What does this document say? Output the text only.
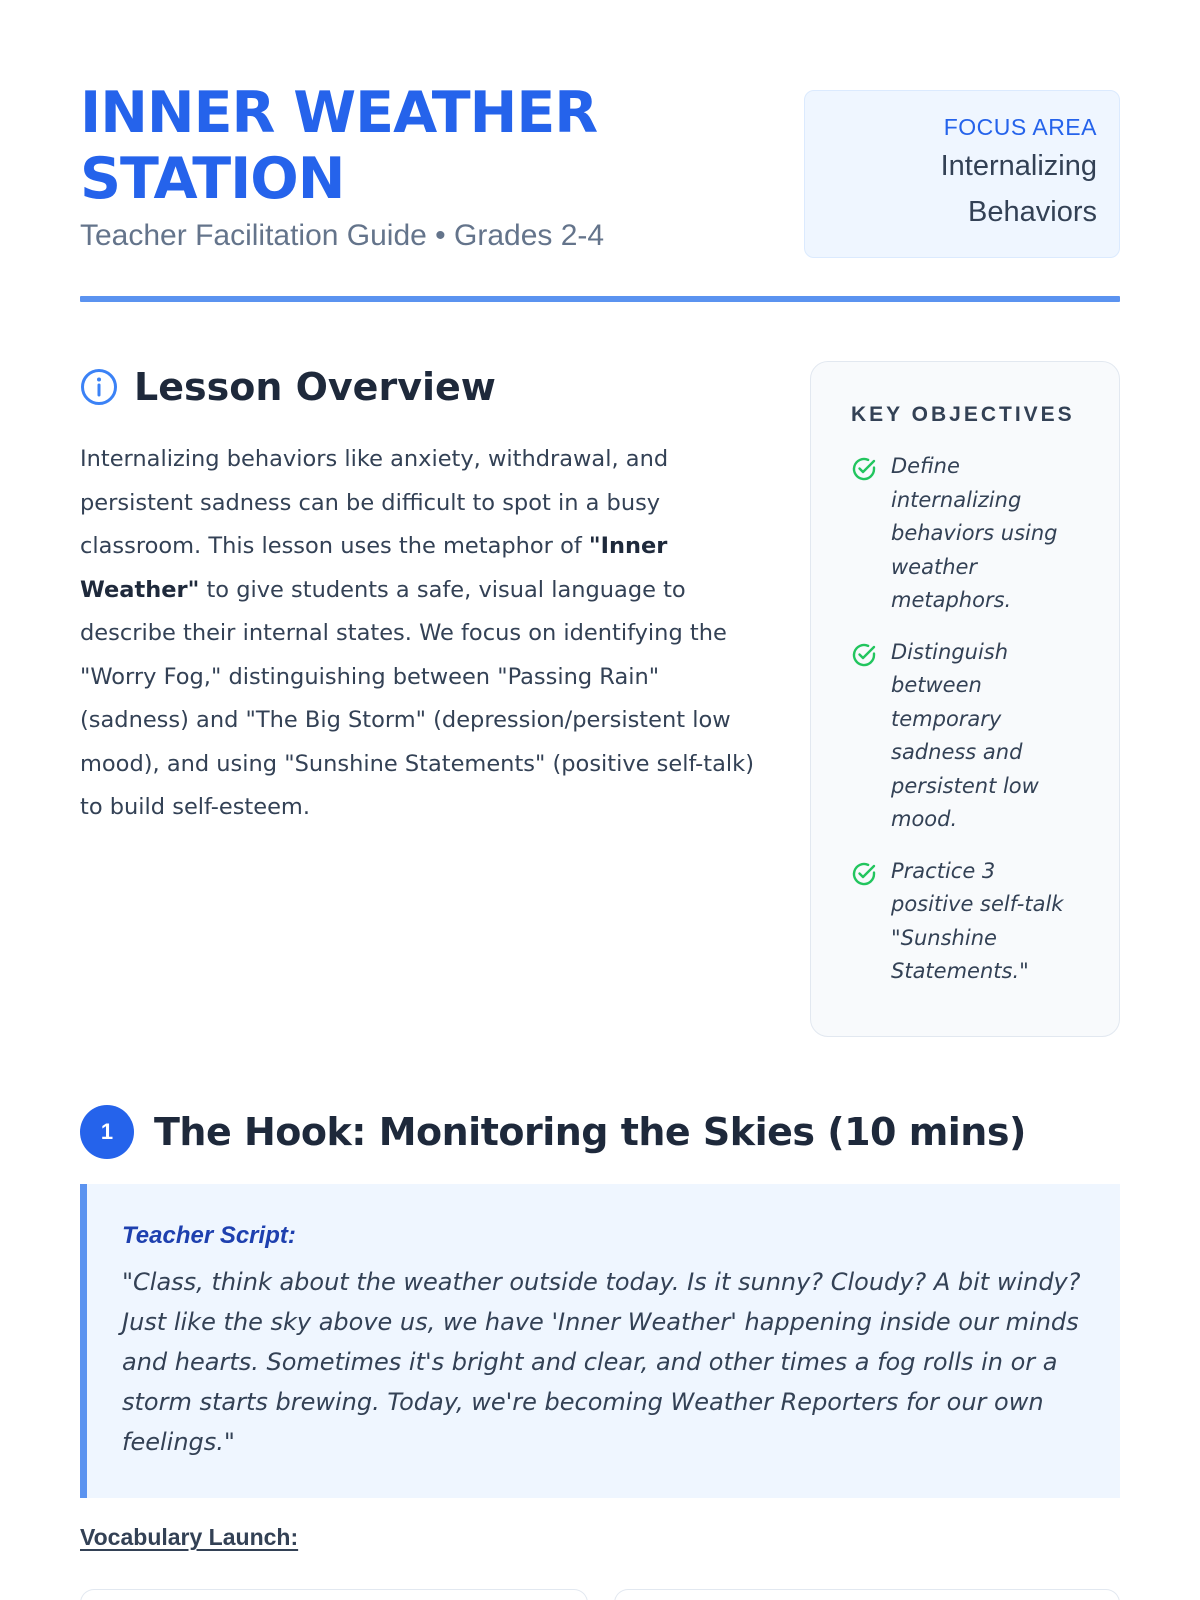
INNER WEATHER STATION
Teacher Facilitation Guide • Grades 2-4
FOCUS AREA
Internalizing
Behaviors
Lesson Overview

Internalizing behaviors like anxiety, withdrawal, and persistent sadness can be difficult to spot in a busy classroom. This lesson uses the metaphor of "Inner Weather" to give students a safe, visual language to describe their internal states. We focus on identifying the "Worry Fog," distinguishing between "Passing Rain" (sadness) and "The Big Storm" (depression/persistent low mood), and using "Sunshine Statements" (positive self-talk) to build self-esteem.

KEY OBJECTIVES
Define internalizing behaviors using weather metaphors.
Distinguish between temporary sadness and persistent low mood.
Practice 3 positive self-talk "Sunshine Statements."
1	The Hook: Monitoring the Skies (10 mins)
Teacher Script:

"Class, think about the weather outside today. Is it sunny? Cloudy? A bit windy? Just like the sky above us, we have 'Inner Weather' happening inside our minds and hearts. Sometimes it's bright and clear, and other times a fog rolls in or a storm starts brewing. Today, we're becoming Weather Reporters for our own feelings."

Vocabulary Launch:
